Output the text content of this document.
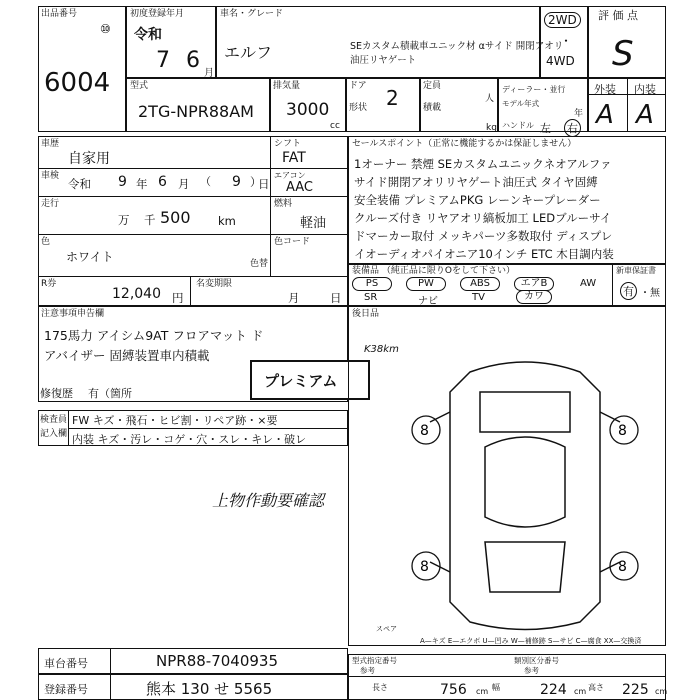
出品番号
⑩
6004
初度登録年月
令和
7 6
月
車名・グレード
エルフ	SEカスタム積載車ユニック材 αサイド 開閉アオリ
油圧リヤゲート
2WD
・
4WD
評 価 点
S
型式
2TG-NPR88AM
排気量
3000
cc
ドア
形状 2	定員
人
積載
kg
ディーラー・並行
モデル年式
年
ハンドル 左 右
外装 内装
A A
車歴
自家用
車検
令和 9 年 6 月 （ 9 ）
日
走行
万 千 500 km
色
ホワイト	色替
R券
12,040 円
名変期限
月	日
シフト
FAT
エアコン
AAC
燃料
軽油
色コード
注意事項申告欄
175馬力 アイシム9AT フロアマット ド
アバイザー 固縛装置車内積載
修復歴 有（箇所
プレミアム
K38km
検査員
記入欄
FW キズ・飛石・ヒビ割・リペア跡・×要
内装 キズ・汚レ・コゲ・穴・スレ・キレ・破レ
上物作動要確認
セールスポイント（正常に機能するかは保証しません）
1オーナー 禁煙 SEカスタムユニックネオアルファ
サイド開閉アオリリヤゲート油圧式 タイヤ固縛
安全装備 プレミアムPKG レーンキープレーダー
クルーズ付き リヤアオリ縞板加工 LEDブルーサイ
ドマーカー取付 メッキパーツ多数取付 ディスプレ
イオーディオパイオニア10インチ ETC 木目調内装
装備品 （純正品に限りOをして下さい）
PS	PW	ABS	エアB	AW
SR	ナビ	TV	カワ
新車保証書
有 ・ 無
後日品
8	8
8	8
スペア
A—キズ E—エクボ U—凹み W—補修跡 S—サビ C—腐食 XX—交換済
車台番号	NPR88-7040935
登録番号	熊本 130 せ 5565
型式指定番号
参考
類別区分番号
参考
長さ	756 cm 幅	224 cm 高さ 225 cm
